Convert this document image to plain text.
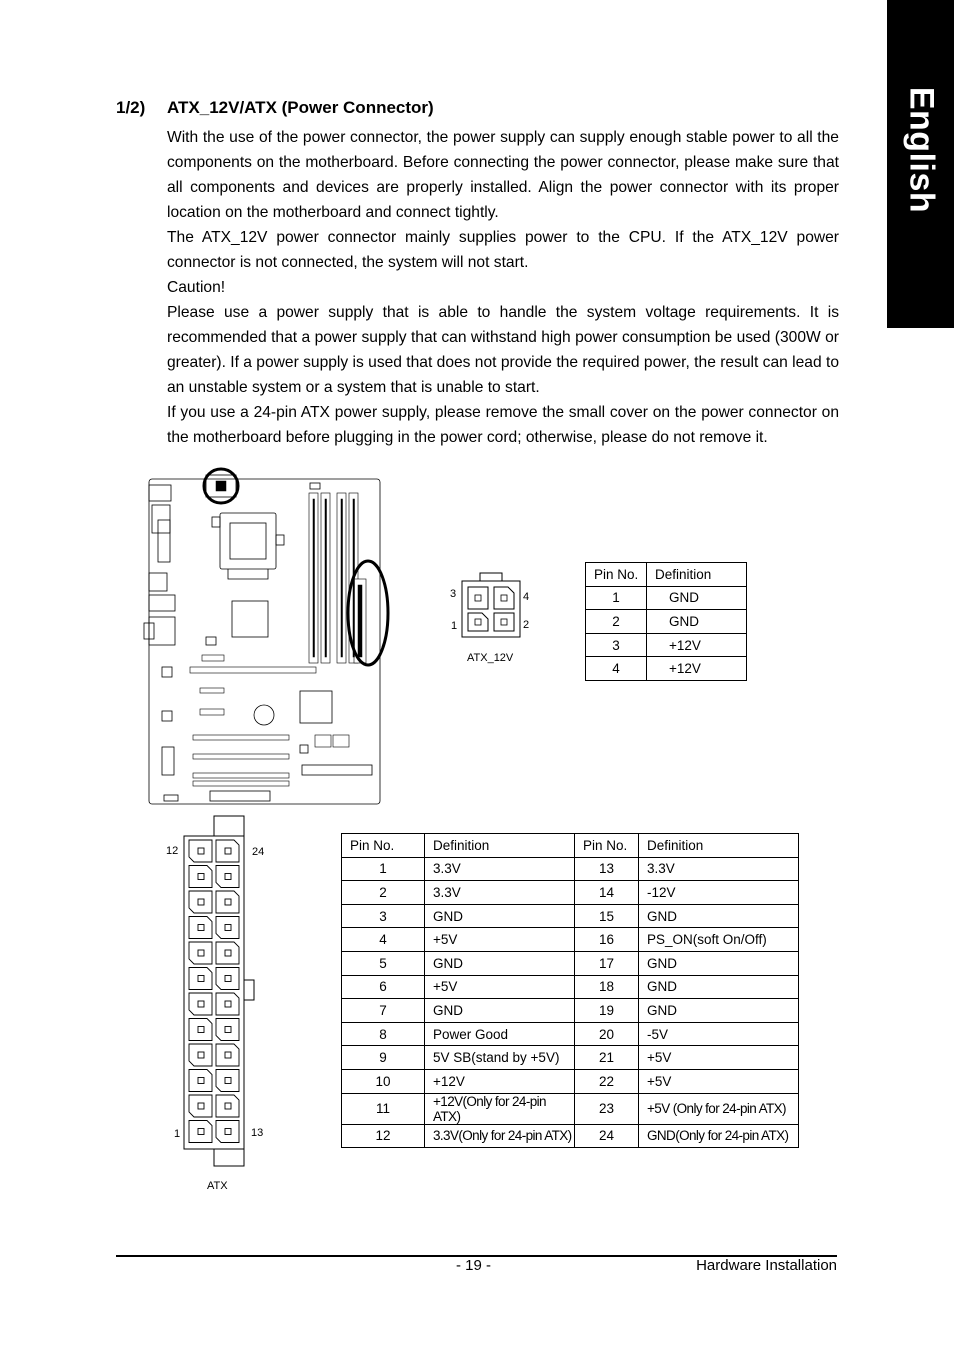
English
1/2) ATX_12V/ATX (Power Connector)

With the use of the power connector, the power supply can supply enough stable power to all the components on the motherboard. Before connecting the power connector, please make sure that all components and devices are properly installed. Align the power connector with its proper location on the motherboard and connect tightly.

The ATX_12V power connector mainly supplies power to the CPU. If the ATX_12V power connector is not connected, the system will not start.

Caution!

Please use a power supply that is able to handle the system voltage requirements. It is recommended that a power supply that can withstand high power consumption be used (300W or greater). If a power supply is used that does not provide the required power, the result can lead to an unstable system or a system that is unable to start.

If you use a 24-pin ATX power supply, please remove the small cover on the power connector on the motherboard before plugging in the power cord; otherwise, please do not remove it.

3	4
1	2
ATX_12V
Pin No.	Definition
1	GND
2	GND
3	+12V
4	+12V
12	24
1	13
ATX
Pin No.	Definition	Pin No.	Definition
1	3.3V	13	3.3V
2	3.3V	14	-12V
3	GND	15	GND
4	+5V	16	PS_ON(soft On/Off)
5	GND	17	GND
6	+5V	18	GND
7	GND	19	GND
8	Power Good	20	-5V
9	5V SB(stand by +5V)	21	+5V
10	+12V	22	+5V
11	+12V(Only for 24-pin ATX)	23	+5V (Only for 24-pin ATX)
12	3.3V(Only for 24-pin ATX)	24	GND(Only for 24-pin ATX)
- 19 -	Hardware Installation
